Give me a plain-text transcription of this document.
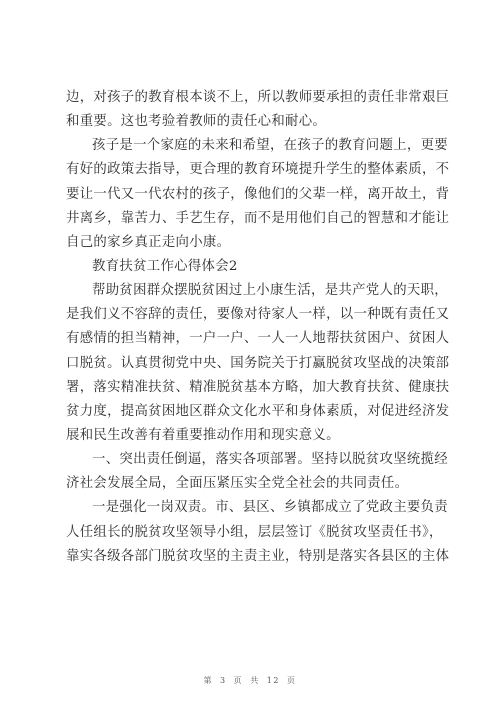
边，对孩子的教育根本谈不上，所以教师要承担的责任非常艰巨
和重要。这也考验着教师的责任心和耐心。
孩子是一个家庭的未来和希望，在孩子的教育问题上，更要
有好的政策去指导，更合理的教育环境提升学生的整体素质，不
要让一代又一代农村的孩子，像他们的父辈一样，离开故土，背
井离乡，靠苦力、手艺生存，而不是用他们自己的智慧和才能让
自己的家乡真正走向小康。
教育扶贫工作心得体会2
帮助贫困群众摆脱贫困过上小康生活，是共产党人的天职，
是我们义不容辞的责任，要像对待家人一样，以一种既有责任又
有感情的担当精神，一户一户、一人一人地帮扶贫困户、贫困人
口脱贫。认真贯彻党中央、国务院关于打赢脱贫攻坚战的决策部
署，落实精准扶贫、精准脱贫基本方略，加大教育扶贫、健康扶
贫力度，提高贫困地区群众文化水平和身体素质，对促进经济发
展和民生改善有着重要推动作用和现实意义。
一、突出责任倒逼，落实各项部署。坚持以脱贫攻坚统揽经
济社会发展全局，全面压紧压实全党全社会的共同责任。
一是强化一岗双责。市、县区、乡镇都成立了党政主要负责
人任组长的脱贫攻坚领导小组，层层签订《脱贫攻坚责任书》，
靠实各级各部门脱贫攻坚的主责主业，特别是落实各县区的主体
第 3 页 共 12 页
